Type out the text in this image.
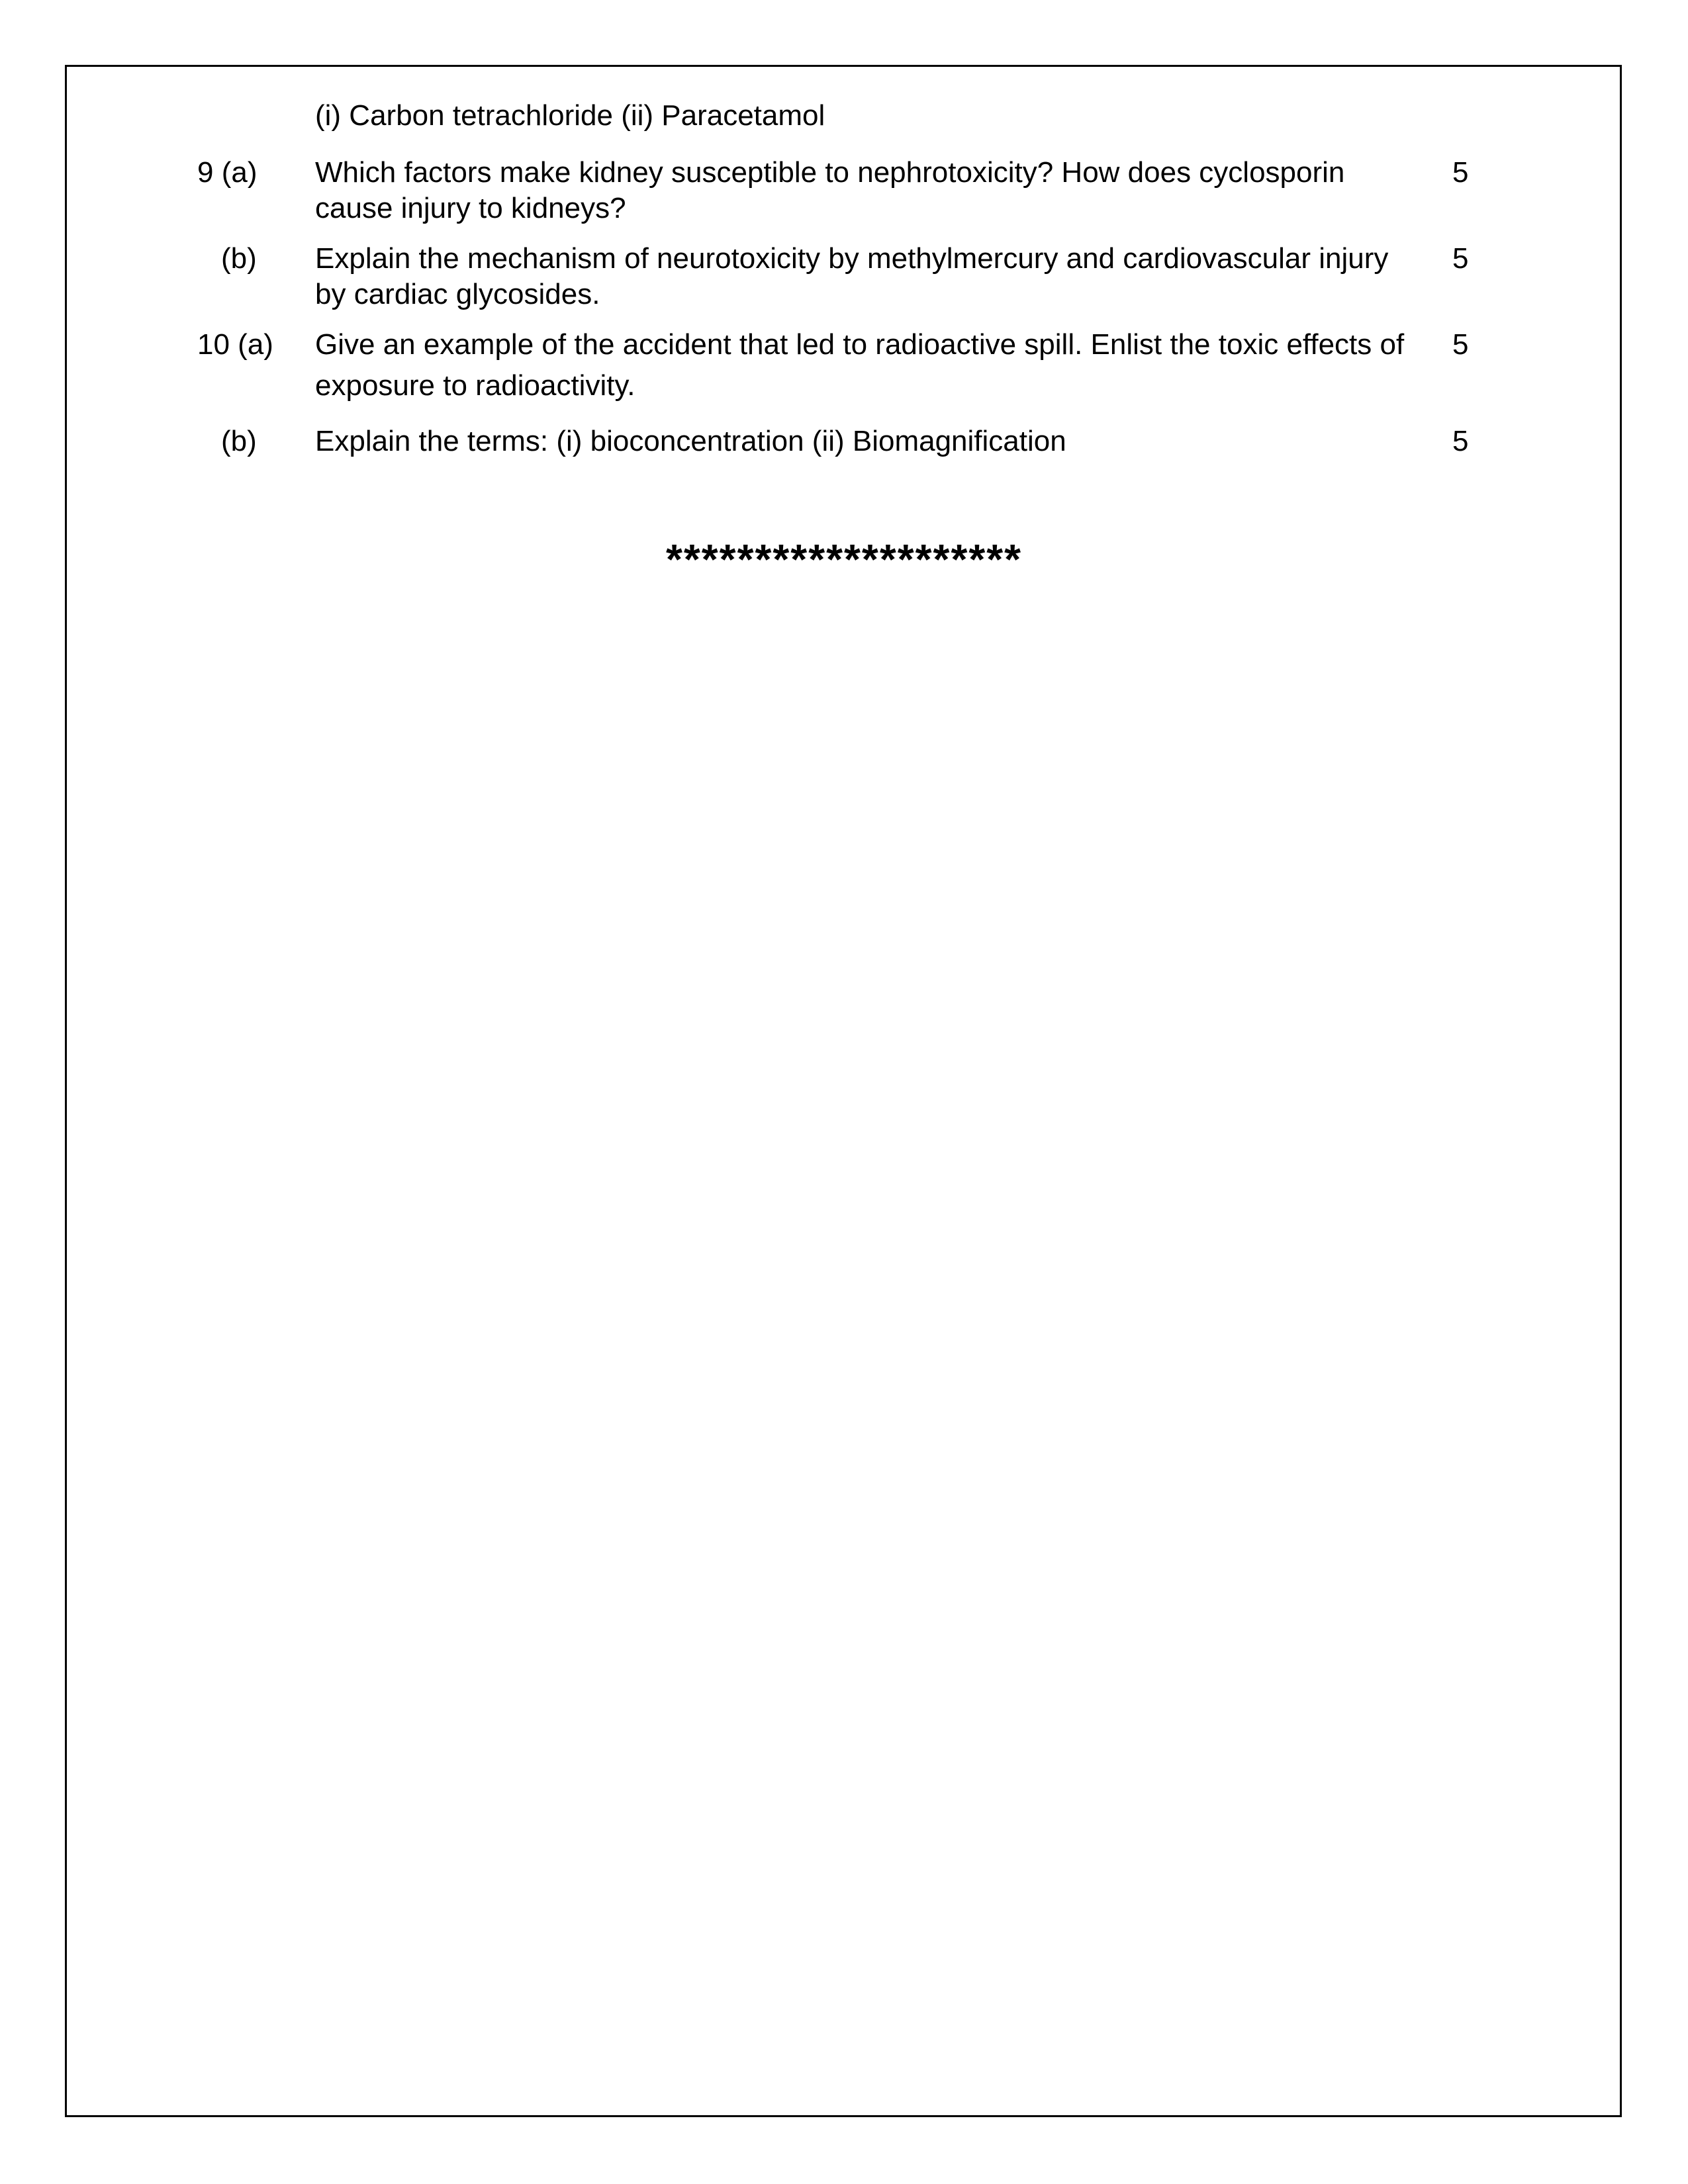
(i) Carbon tetrachloride (ii) Paracetamol
9 (a) Which factors make kidney susceptible to nephrotoxicity? How does cyclosporin cause injury to kidneys?
5
(b) Explain the mechanism of neurotoxicity by methylmercury and cardiovascular injury by cardiac glycosides.
5
10 (a) Give an example of the accident that led to radioactive spill. Enlist the toxic effects of exposure to radioactivity.
5
(b) Explain the terms: (i) bioconcentration (ii) Biomagnification	5
********************
